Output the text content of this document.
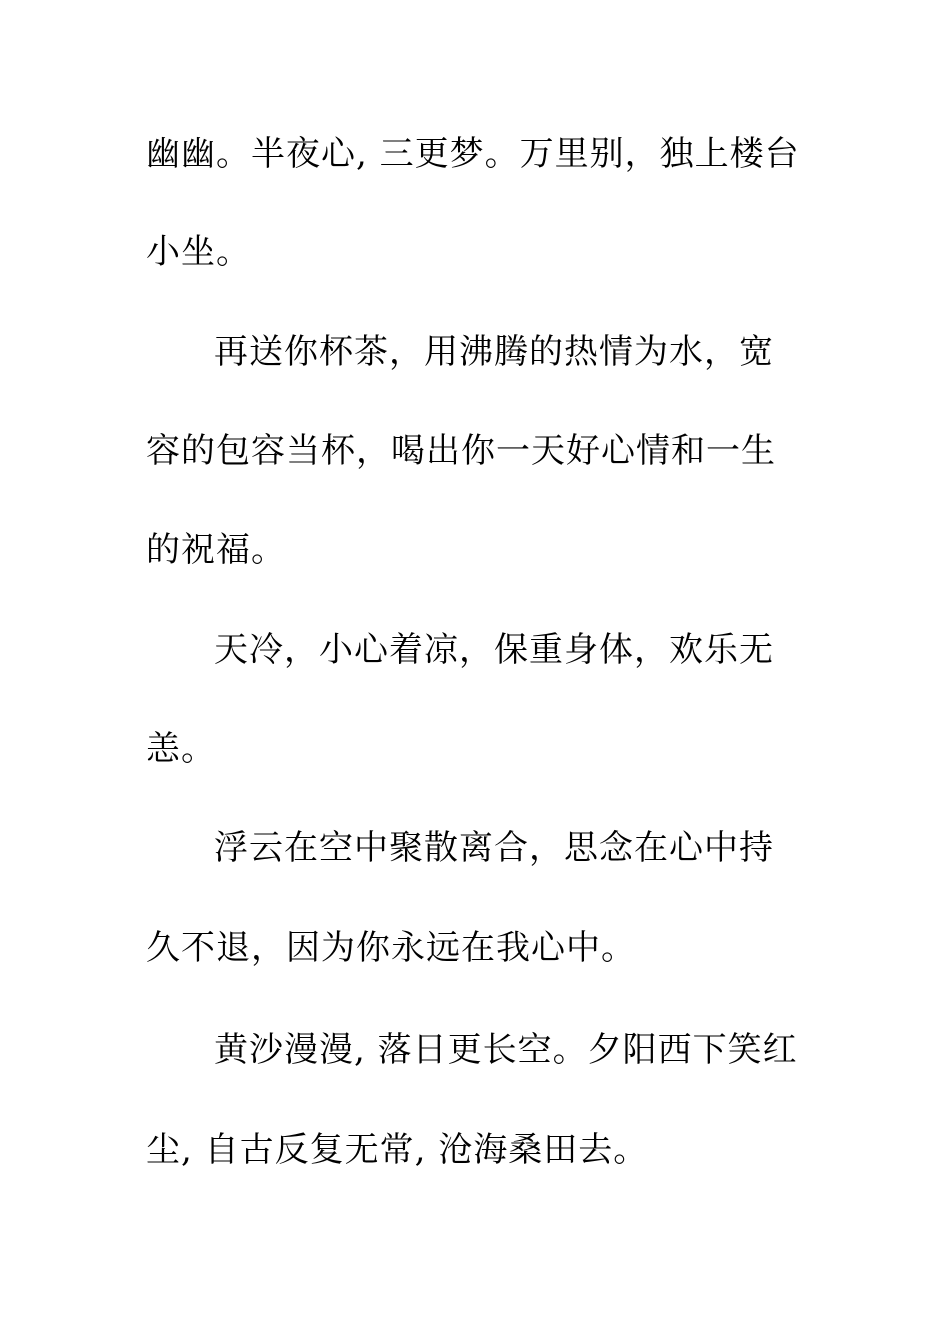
幽幽。半夜心, 三更梦。万里别，独上楼台
小坐。
再送你杯茶，用沸腾的热情为水，宽
容的包容当杯，喝出你一天好心情和一生
的祝福。
天冷，小心着凉，保重身体，欢乐无
恙。
浮云在空中聚散离合，思念在心中持
久不退，因为你永远在我心中。
黄沙漫漫, 落日更长空。夕阳西下笑红
尘, 自古反复无常, 沧海桑田去。
